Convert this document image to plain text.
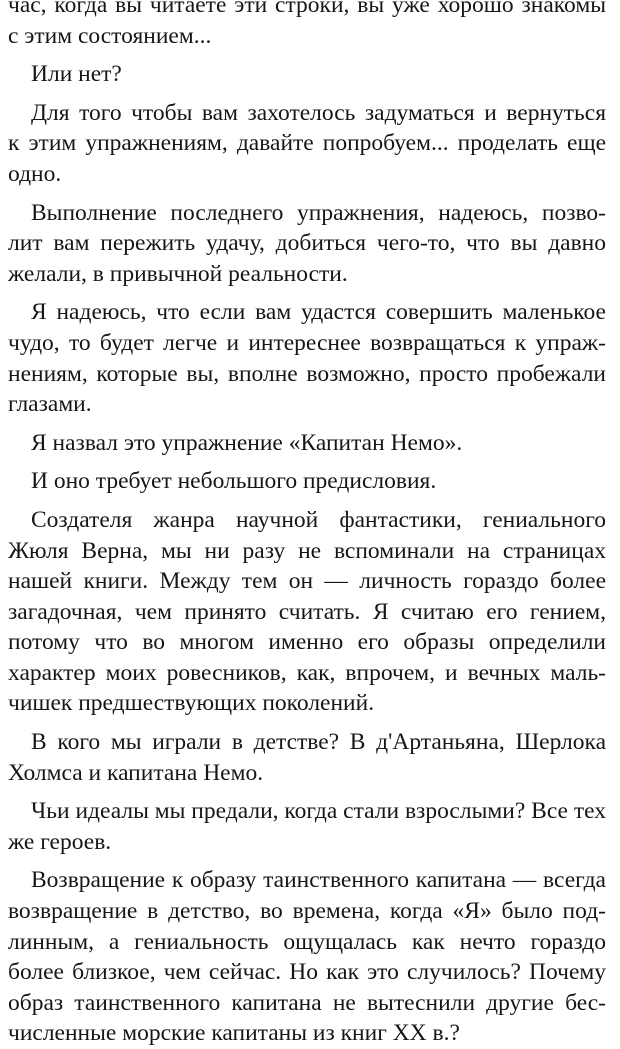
час, когда вы читаете эти строки, вы уже хорошо знакомы
с этим состоянием...
Или нет?
Для того чтобы вам захотелось задуматься и вернуться
к этим упражнениям, давайте попробуем... проделать еще
одно.
Выполнение последнего упражнения, надеюсь, позво-
лит вам пережить удачу, добиться чего-то, что вы давно
желали, в привычной реальности.
Я надеюсь, что если вам удастся совершить маленькое
чудо, то будет легче и интереснее возвращаться к упраж-
нениям, которые вы, вполне возможно, просто пробежали
глазами.
Я назвал это упражнение «Капитан Немо».
И оно требует небольшого предисловия.
Создателя жанра научной фантастики, гениального
Жюля Верна, мы ни разу не вспоминали на страницах
нашей книги. Между тем он — личность гораздо более
загадочная, чем принято считать. Я считаю его гением,
потому что во многом именно его образы определили
характер моих ровесников, как, впрочем, и вечных маль-
чишек предшествующих поколений.
В кого мы играли в детстве? В д'Артаньяна, Шерлока
Холмса и капитана Немо.
Чьи идеалы мы предали, когда стали взрослыми? Все тех
же героев.
Возвращение к образу таинственного капитана — всегда
возвращение в детство, во времена, когда «Я» было под-
линным, а гениальность ощущалась как нечто гораздо
более близкое, чем сейчас. Но как это случилось? Почему
образ таинственного капитана не вытеснили другие бес-
численные морские капитаны из книг XX в.?
